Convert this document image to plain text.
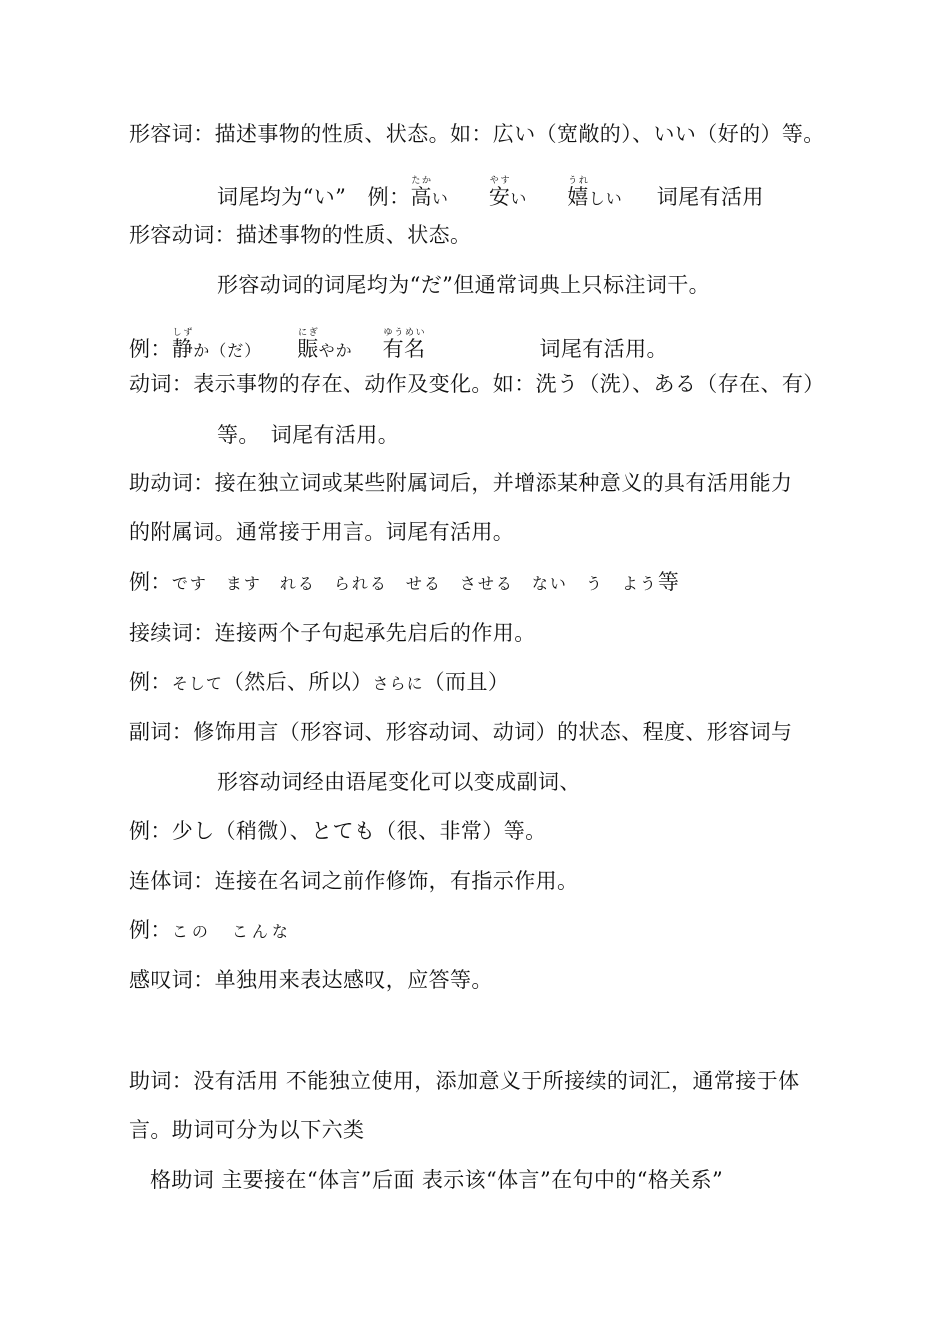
形容词：描述事物的性质、状态。如：広い（宽敞的）、いい（好的）等。
词尾均为“い”　例：高たかい 安やすい 嬉うれしい 词尾有活用
形容动词：描述事物的性质、状态。
形容动词的词尾均为“だ”但通常词典上只标注词干。
例：静しずか（だ） 賑にぎやか 有名ゆうめい词尾有活用。
动词：表示事物的存在、动作及变化。如：洗う（洗）、ある（存在、有）
等。　词尾有活用。
助动词：接在独立词或某些附属词后，并增添某种意义的具有活用能力
的附属词。通常接于用言。词尾有活用。
例：です　ます　れる　られる　せる　させる　ない　う　よう等
接续词：连接两个子句起承先启后的作用。
例：そして（然后、所以）さらに（而且）
副词：修饰用言（形容词、形容动词、动词）的状态、程度、形容词与
形容动词经由语尾变化可以变成副词、
例：少し（稍微）、とても（很、非常）等。
连体词：连接在名词之前作修饰，有指示作用。
例：この　こんな
感叹词：单独用来表达感叹，应答等。
助词：没有活用 不能独立使用，添加意义于所接续的词汇，通常接于体
言。助词可分为以下六类
格助词 主要接在“体言”后面 表示该“体言”在句中的“格关系”
